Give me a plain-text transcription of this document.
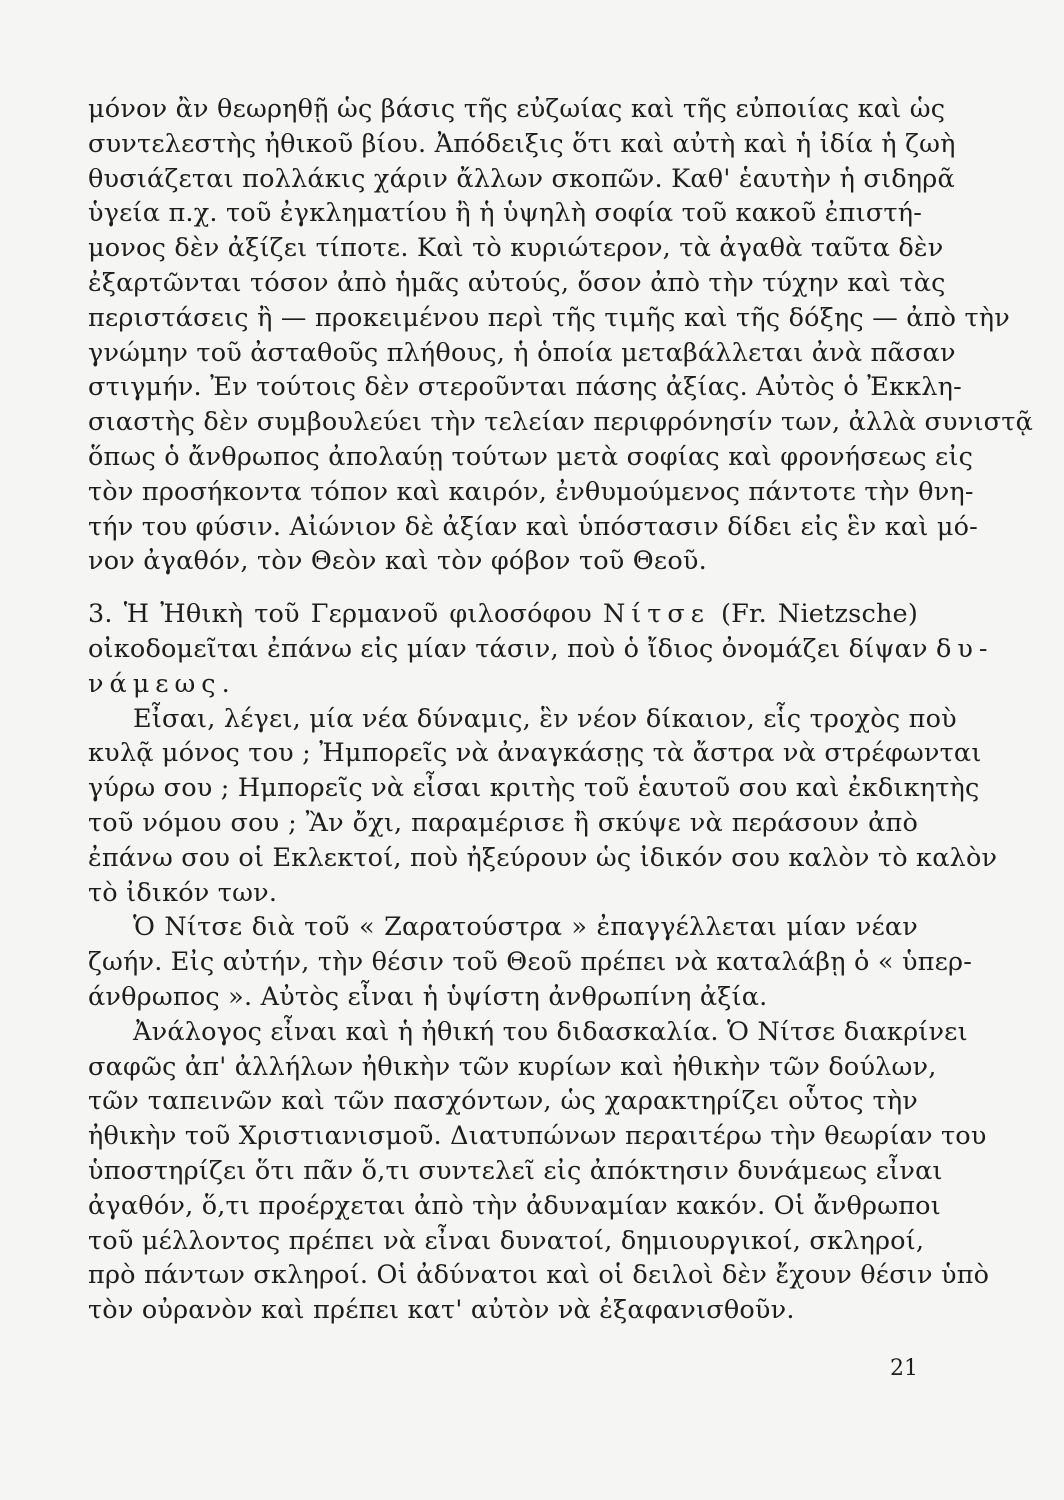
μόνον ἂν θεωρηθῇ ὡς βάσις τῆς εὐζωίας καὶ τῆς εὐποιίας καὶ ὡς
συντελεστὴς ἠθικοῦ βίου. Ἀπόδειξις ὅτι καὶ αὐτὴ καὶ ἡ ἰδία ἡ ζωὴ
θυσιάζεται πολλάκις χάριν ἄλλων σκοπῶν. Καθ' ἑαυτὴν ἡ σιδηρᾶ
ὑγεία π.χ. τοῦ ἐγκληματίου ἢ ἡ ὑψηλὴ σοφία τοῦ κακοῦ ἐπιστή-
μονος δὲν ἀξίζει τίποτε. Καὶ τὸ κυριώτερον, τὰ ἀγαθὰ ταῦτα δὲν
ἐξαρτῶνται τόσον ἀπὸ ἡμᾶς αὐτούς, ὅσον ἀπὸ τὴν τύχην καὶ τὰς
περιστάσεις ἢ — προκειμένου περὶ τῆς τιμῆς καὶ τῆς δόξης — ἀπὸ τὴν
γνώμην τοῦ ἀσταθοῦς πλήθους, ἡ ὁποία μεταβάλλεται ἀνὰ πᾶσαν
στιγμήν. Ἐν τούτοις δὲν στεροῦνται πάσης ἀξίας. Αὐτὸς ὁ Ἐκκλη-
σιαστὴς δὲν συμβουλεύει τὴν τελείαν περιφρόνησίν των, ἀλλὰ συνιστᾷ
ὅπως ὁ ἄνθρωπος ἀπολαύῃ τούτων μετὰ σοφίας καὶ φρονήσεως εἰς
τὸν προσήκοντα τόπον καὶ καιρόν, ἐνθυμούμενος πάντοτε τὴν θνη-
τήν του φύσιν. Αἰώνιον δὲ ἀξίαν καὶ ὑπόστασιν δίδει εἰς ἓν καὶ μό-
νον ἀγαθόν, τὸν Θεὸν καὶ τὸν φόβον τοῦ Θεοῦ.
3. Ἡ Ἠθικὴ τοῦ Γερμανοῦ φιλοσόφου Νίτσε (Fr. Nietzsche)
οἰκοδομεῖται ἐπάνω εἰς μίαν τάσιν, ποὺ ὁ ἴδιος ὀνομάζει δίψαν δυ-
νάμεως.
Εἶσαι, λέγει, μία νέα δύναμις, ἓν νέον δίκαιον, εἷς τροχὸς ποὺ
κυλᾷ μόνος του ; Ἠμπορεῖς νὰ ἀναγκάσῃς τὰ ἄστρα νὰ στρέφωνται
γύρω σου ; Ημπορεῖς νὰ εἶσαι κριτὴς τοῦ ἑαυτοῦ σου καὶ ἐκδικητὴς
τοῦ νόμου σου ; Ἂν ὄχι, παραμέρισε ἢ σκύψε νὰ περάσουν ἀπὸ
ἐπάνω σου οἱ Εκλεκτοί, ποὺ ἠξεύρουν ὡς ἰδικόν σου καλὸν τὸ καλὸν
τὸ ἰδικόν των.
Ὁ Νίτσε διὰ τοῦ « Ζαρατούστρα » ἐπαγγέλλεται μίαν νέαν
ζωήν. Εἰς αὐτήν, τὴν θέσιν τοῦ Θεοῦ πρέπει νὰ καταλάβῃ ὁ « ὑπερ-
άνθρωπος ». Αὐτὸς εἶναι ἡ ὑψίστη ἀνθρωπίνη ἀξία.
Ἀνάλογος εἶναι καὶ ἡ ἠθική του διδασκαλία. Ὁ Νίτσε διακρίνει
σαφῶς ἀπ' ἀλλήλων ἠθικὴν τῶν κυρίων καὶ ἠθικὴν τῶν δούλων,
τῶν ταπεινῶν καὶ τῶν πασχόντων, ὡς χαρακτηρίζει οὗτος τὴν
ἠθικὴν τοῦ Χριστιανισμοῦ. Διατυπώνων περαιτέρω τὴν θεωρίαν του
ὑποστηρίζει ὅτι πᾶν ὅ,τι συντελεῖ εἰς ἀπόκτησιν δυνάμεως εἶναι
ἀγαθόν, ὅ,τι προέρχεται ἀπὸ τὴν ἀδυναμίαν κακόν. Οἱ ἄνθρωποι
τοῦ μέλλοντος πρέπει νὰ εἶναι δυνατοί, δημιουργικοί, σκληροί,
πρὸ πάντων σκληροί. Οἱ ἀδύνατοι καὶ οἱ δειλοὶ δὲν ἔχουν θέσιν ὑπὸ
τὸν οὐρανὸν καὶ πρέπει κατ' αὐτὸν νὰ ἐξαφανισθοῦν.
21
